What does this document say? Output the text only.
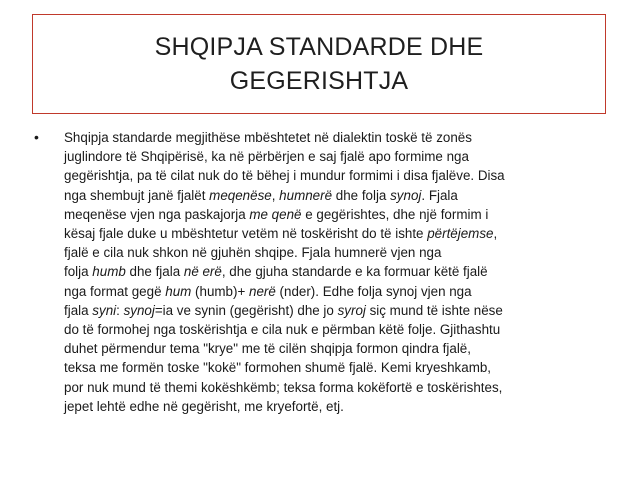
SHQIPJA STANDARDE DHE
GEGERISHTJA
•	Shqipja standarde megjithëse mbështetet në dialektin toskë të zonës
juglindore të Shqipërisë, ka në përbërjen e saj fjalë apo formime nga
gegërishtja, pa të cilat nuk do të bëhej i mundur formimi i disa fjalëve. Disa
nga shembujt janë fjalët meqenëse, humnerë dhe folja synoj. Fjala
meqenëse vjen nga paskajorja me qenë e gegërishtes, dhe një formim i
kësaj fjale duke u mbështetur vetëm në toskërisht do të ishte përtëjemse,
fjalë e cila nuk shkon në gjuhën shqipe. Fjala humnerë vjen nga
folja humb dhe fjala në erë, dhe gjuha standarde e ka formuar këtë fjalë
nga format gegë hum (humb)+ nerë (nder). Edhe folja synoj vjen nga
fjala syni: synoj=ia ve synin (gegërisht) dhe jo syroj siç mund të ishte nëse
do të formohej nga toskërishtja e cila nuk e përmban këtë folje. Gjithashtu
duhet përmendur tema "krye" me të cilën shqipja formon qindra fjalë,
teksa me formën toske "kokë" formohen shumë fjalë. Kemi kryeshkamb,
por nuk mund të themi kokëshkëmb; teksa forma kokëfortë e toskërishtes,
jepet lehtë edhe në gegërisht, me kryefortë, etj.
